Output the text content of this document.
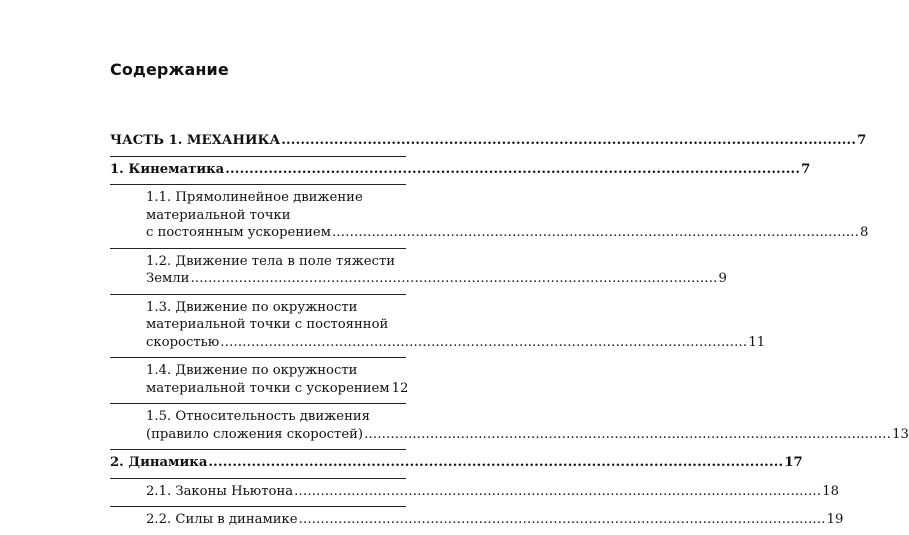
Содержание
ЧАСТЬ 1. МЕХАНИКА ........................................................................................................................ 7
1. Кинематика ........................................................................................................................ 7
1.1. Прямолинейное движение
материальной точки
с постоянным ускорением ........................................................................................................................ 8
1.2. Движение тела в поле тяжести
Земли ........................................................................................................................ 9
1.3. Движение по окружности
материальной точки с постоянной
скоростью ........................................................................................................................ 11
1.4. Движение по окружности
материальной точки с ускорением 12
1.5. Относительность движения
(правило сложения скоростей) ........................................................................................................................ 13
2. Динамика ........................................................................................................................ 17
2.1. Законы Ньютона ........................................................................................................................ 18
2.2. Силы в динамике ........................................................................................................................ 19
